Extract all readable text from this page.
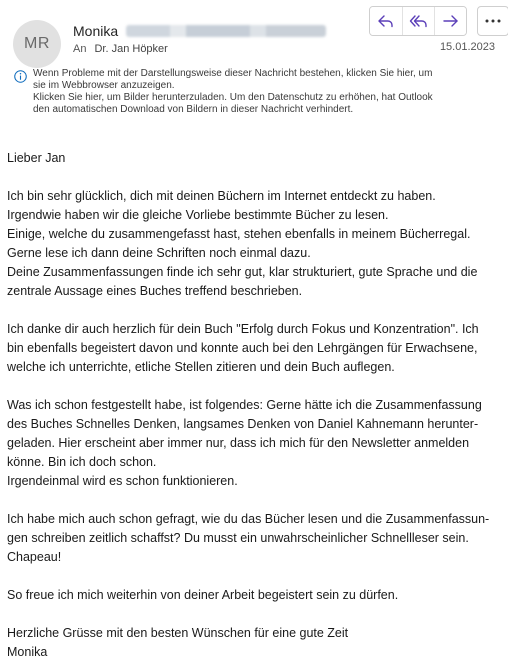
MR
Monika
An Dr. Jan Höpker	15.01.2023
Wenn Probleme mit der Darstellungsweise dieser Nachricht bestehen, klicken Sie hier, um
sie im Webbrowser anzuzeigen.
Klicken Sie hier, um Bilder herunterzuladen. Um den Datenschutz zu erhöhen, hat Outlook
den automatischen Download von Bildern in dieser Nachricht verhindert.
Lieber Jan
Ich bin sehr glücklich, dich mit deinen Büchern im Internet entdeckt zu haben.
Irgendwie haben wir die gleiche Vorliebe bestimmte Bücher zu lesen.
Einige, welche du zusammengefasst hast, stehen ebenfalls in meinem Bücherregal.
Gerne lese ich dann deine Schriften noch einmal dazu.
Deine Zusammenfassungen finde ich sehr gut, klar strukturiert, gute Sprache und die
zentrale Aussage eines Buches treffend beschrieben.
Ich danke dir auch herzlich für dein Buch "Erfolg durch Fokus und Konzentration". Ich
bin ebenfalls begeistert davon und konnte auch bei den Lehrgängen für Erwachsene,
welche ich unterrichte, etliche Stellen zitieren und dein Buch auflegen.
Was ich schon festgestellt habe, ist folgendes: Gerne hätte ich die Zusammenfassung
des Buches Schnelles Denken, langsames Denken von Daniel Kahnemann herunter-
geladen. Hier erscheint aber immer nur, dass ich mich für den Newsletter anmelden
könne. Bin ich doch schon.
Irgendeinmal wird es schon funktionieren.
Ich habe mich auch schon gefragt, wie du das Bücher lesen und die Zusammenfassun-
gen schreiben zeitlich schaffst? Du musst ein unwahrscheinlicher Schnellleser sein.
Chapeau!
So freue ich mich weiterhin von deiner Arbeit begeistert sein zu dürfen.
Herzliche Grüsse mit den besten Wünschen für eine gute Zeit
Monika
